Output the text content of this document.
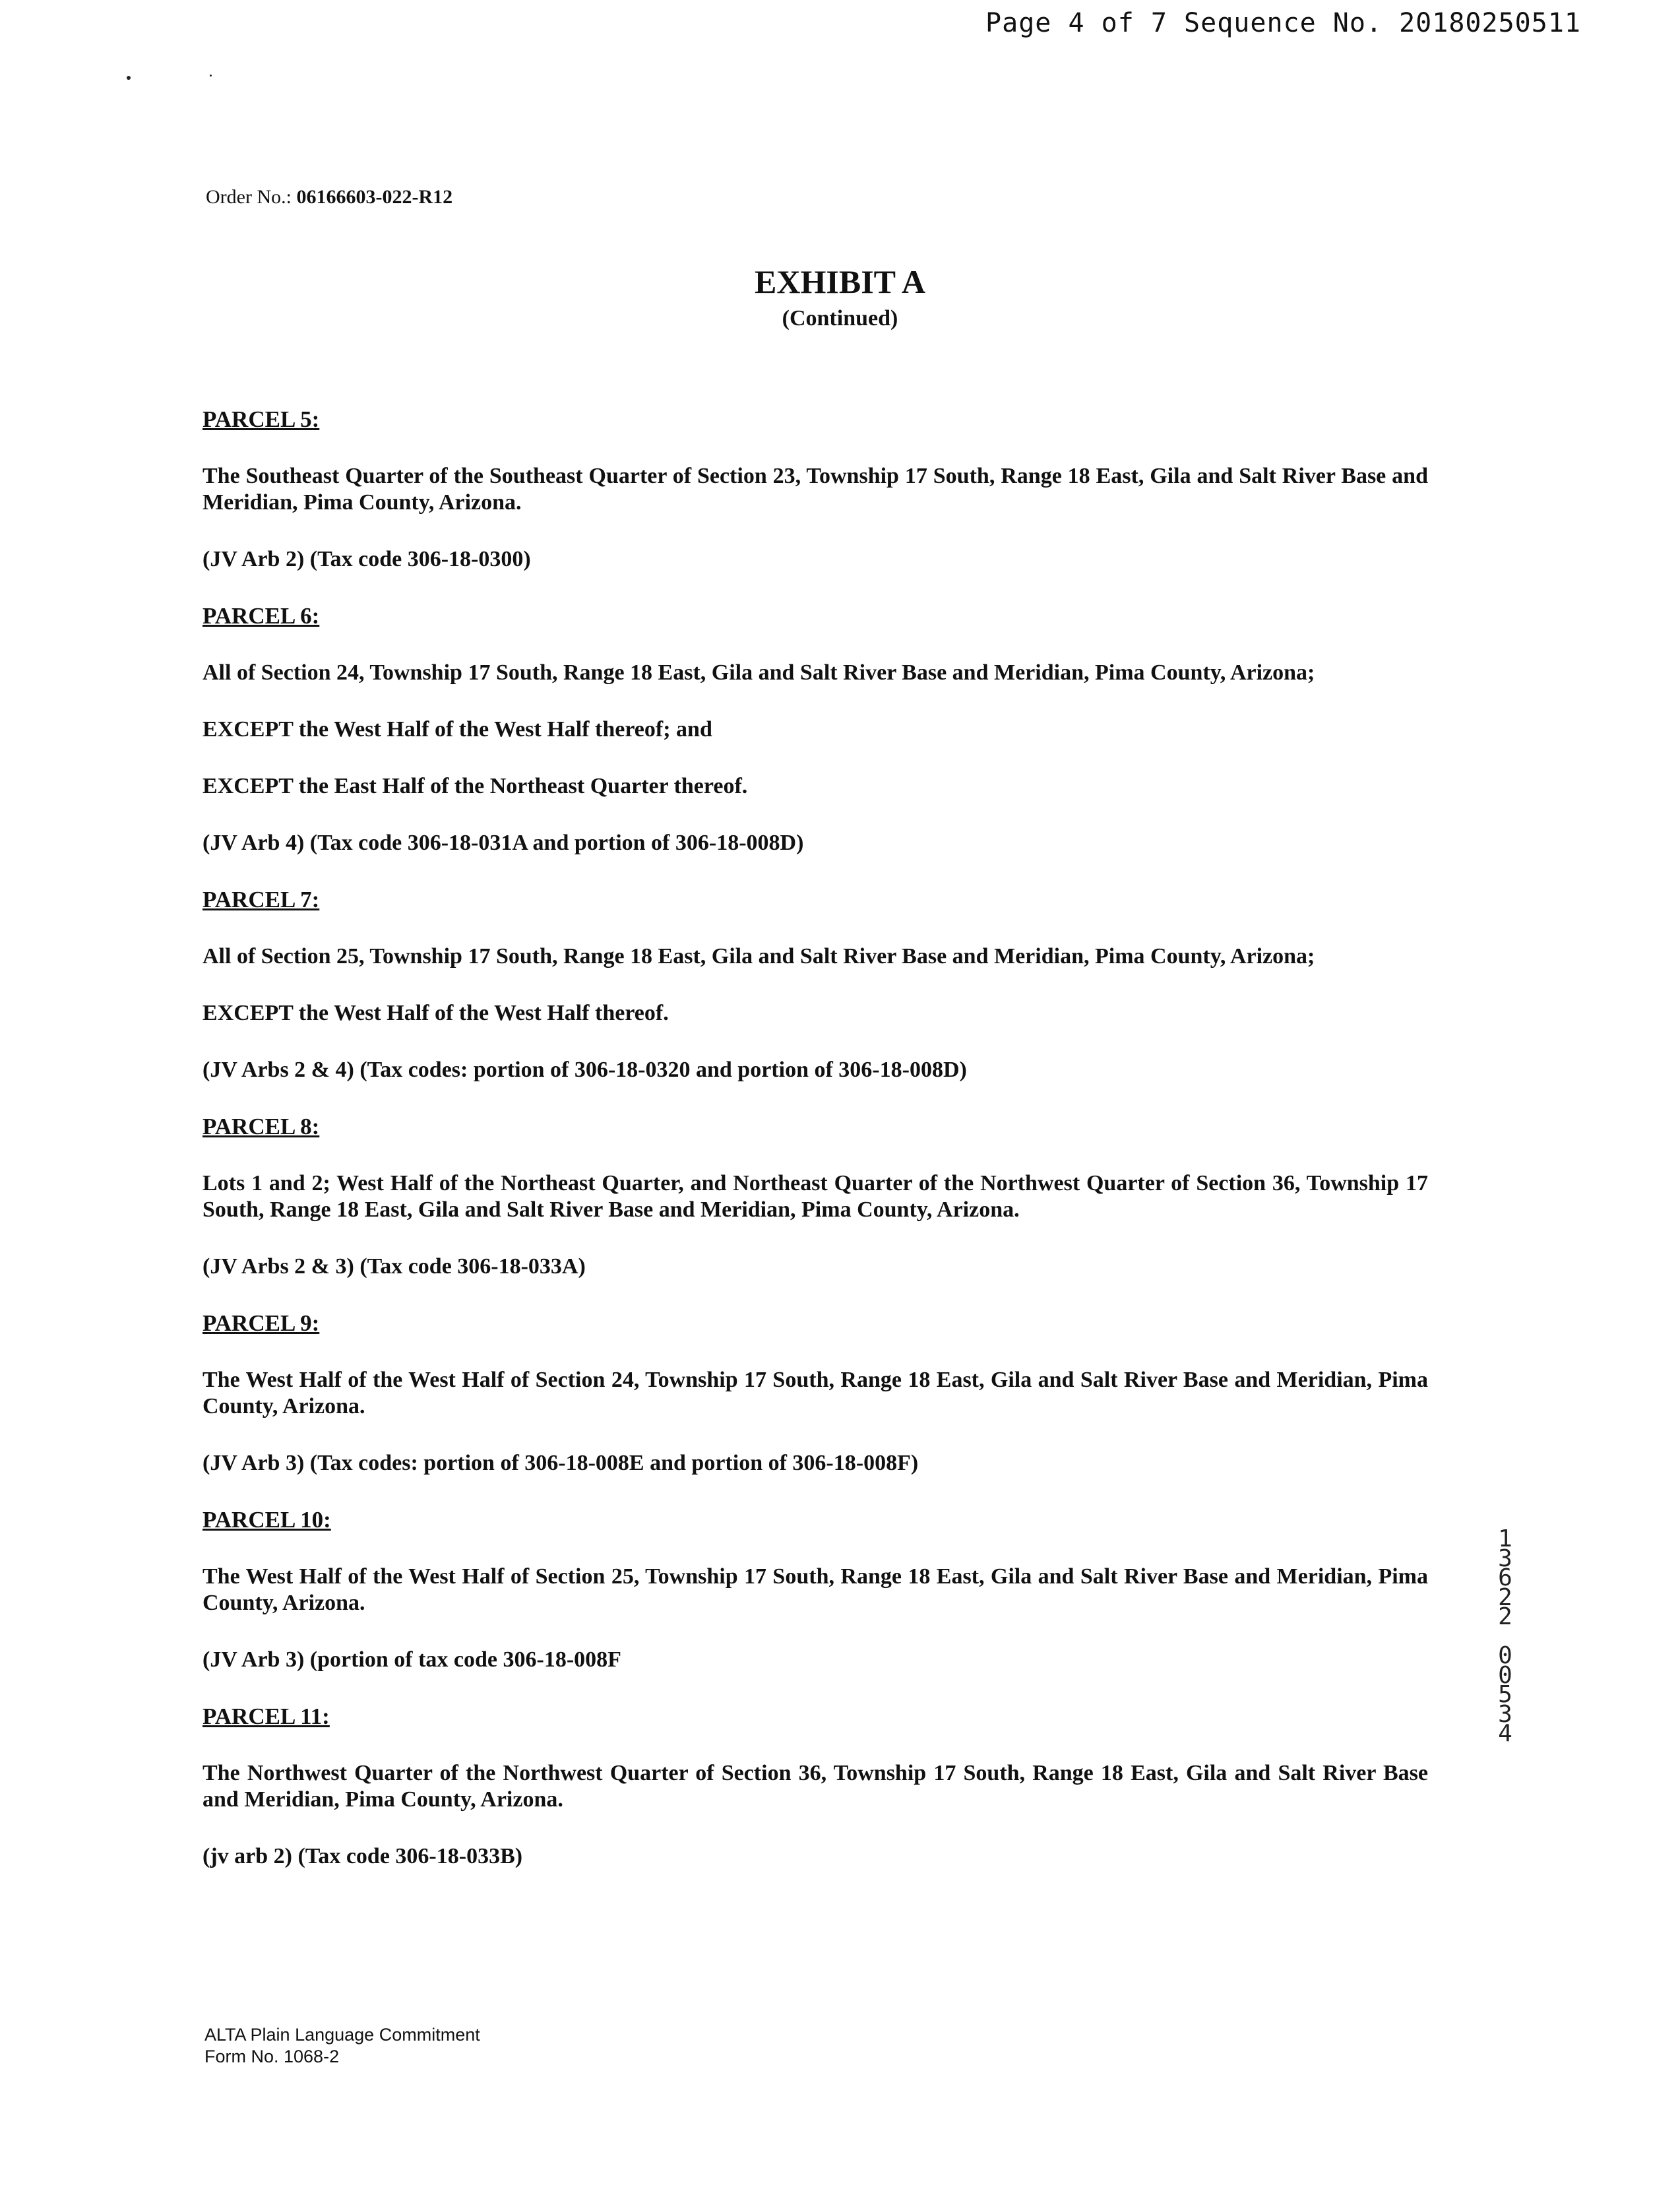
Page 4 of 7 Sequence No. 20180250511
Order No.: 06166603-022-R12
EXHIBIT A
(Continued)
PARCEL 5:
The Southeast Quarter of the Southeast Quarter of Section 23, Township 17 South, Range 18 East, Gila and Salt River Base and Meridian, Pima County, Arizona.
(JV Arb 2) (Tax code 306-18-0300)
PARCEL 6:
All of Section 24, Township 17 South, Range 18 East, Gila and Salt River Base and Meridian, Pima County, Arizona;
EXCEPT the West Half of the West Half thereof; and
EXCEPT the East Half of the Northeast Quarter thereof.
(JV Arb 4) (Tax code 306-18-031A and portion of 306-18-008D)
PARCEL 7:
All of Section 25, Township 17 South, Range 18 East, Gila and Salt River Base and Meridian, Pima County, Arizona;
EXCEPT the West Half of the West Half thereof.
(JV Arbs 2 & 4) (Tax codes: portion of 306-18-0320 and portion of 306-18-008D)
PARCEL 8:
Lots 1 and 2; West Half of the Northeast Quarter, and Northeast Quarter of the Northwest Quarter of Section 36, Township 17 South, Range 18 East, Gila and Salt River Base and Meridian, Pima County, Arizona.
(JV Arbs 2 & 3) (Tax code 306-18-033A)
PARCEL 9:
The West Half of the West Half of Section 24, Township 17 South, Range 18 East, Gila and Salt River Base and Meridian, Pima County, Arizona.
(JV Arb 3) (Tax codes: portion of 306-18-008E and portion of 306-18-008F)
PARCEL 10:
The West Half of the West Half of Section 25, Township 17 South, Range 18 East, Gila and Salt River Base and Meridian, Pima County, Arizona.
(JV Arb 3) (portion of tax code 306-18-008F
PARCEL 11:
The Northwest Quarter of the Northwest Quarter of Section 36, Township 17 South, Range 18 East, Gila and Salt River Base and Meridian, Pima County, Arizona.
(jv arb 2) (Tax code 306-18-033B)
ALTA Plain Language Commitment
Form No. 1068-2
1
3
6
2
2

0
0
5
3
4
